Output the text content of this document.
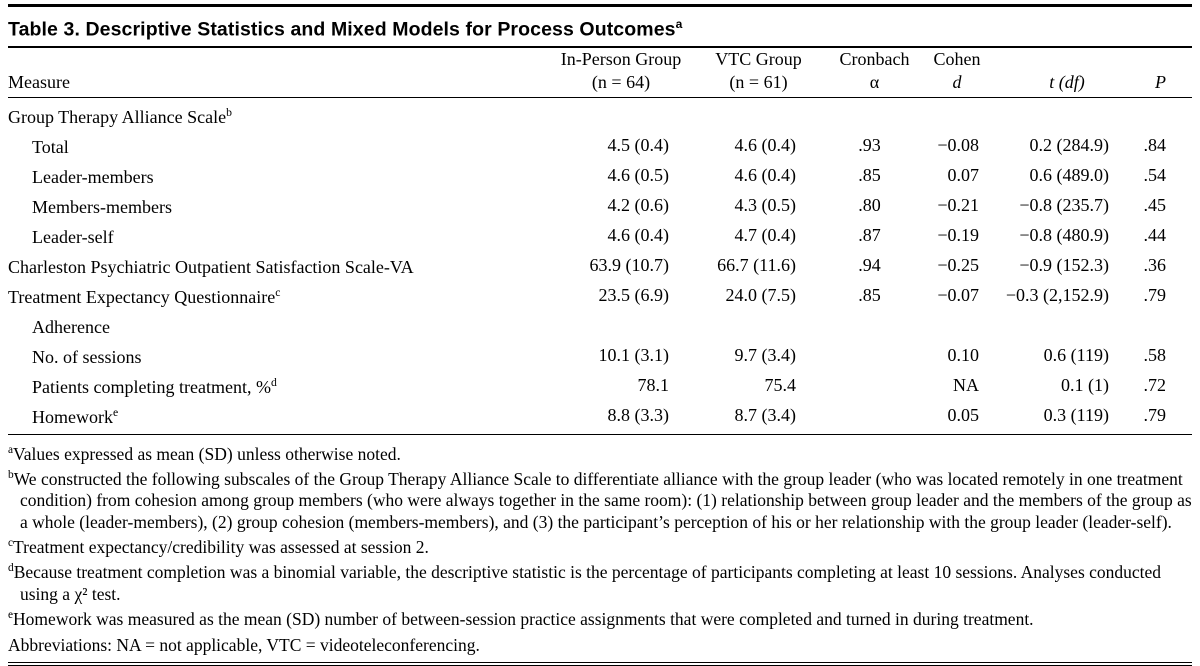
Table 3. Descriptive Statistics and Mixed Models for Process Outcomes$^a$
	In-Person Group	VTC Group	Cronbach	Cohen		
Measure	(n = 64)	(n = 61)	α	d	t (df)	P
Group Therapy Alliance Scale$^b$						
Total	4.5 (0.4)	4.6 (0.4)	.93	−0.08	0.2 (284.9)	.84
Leader-members	4.6 (0.5)	4.6 (0.4)	.85	0.07	0.6 (489.0)	.54
Members-members	4.2 (0.6)	4.3 (0.5)	.80	−0.21	−0.8 (235.7)	.45
Leader-self	4.6 (0.4)	4.7 (0.4)	.87	−0.19	−0.8 (480.9)	.44
Charleston Psychiatric Outpatient Satisfaction Scale-VA	63.9 (10.7)	66.7 (11.6)	.94	−0.25	−0.9 (152.3)	.36
Treatment Expectancy Questionnaire$^c$	23.5 (6.9)	24.0 (7.5)	.85	−0.07	−0.3 (2,152.9)	.79
Adherence						
No. of sessions	10.1 (3.1)	9.7 (3.4)		0.10	0.6 (119)	.58
Patients completing treatment, %$^d$	78.1	75.4		NA	0.1 (1)	.72
Homework$^e$	8.8 (3.3)	8.7 (3.4)		0.05	0.3 (119)	.79
$^a$Values expressed as mean (SD) unless otherwise noted.
$^b$We constructed the following subscales of the Group Therapy Alliance Scale to differentiate alliance with the group leader (who was located remotely in one treatment condition) from cohesion among group members (who were always together in the same room): (1) relationship between group leader and the members of the group as a whole (leader-members), (2) group cohesion (members-members), and (3) the participant’s perception of his or her relationship with the group leader (leader-self).
$^c$Treatment expectancy/credibility was assessed at session 2.
$^d$Because treatment completion was a binomial variable, the descriptive statistic is the percentage of participants completing at least 10 sessions. Analyses conducted using a χ² test.
$^e$Homework was measured as the mean (SD) number of between-session practice assignments that were completed and turned in during treatment.
Abbreviations: NA = not applicable, VTC = videoteleconferencing.
